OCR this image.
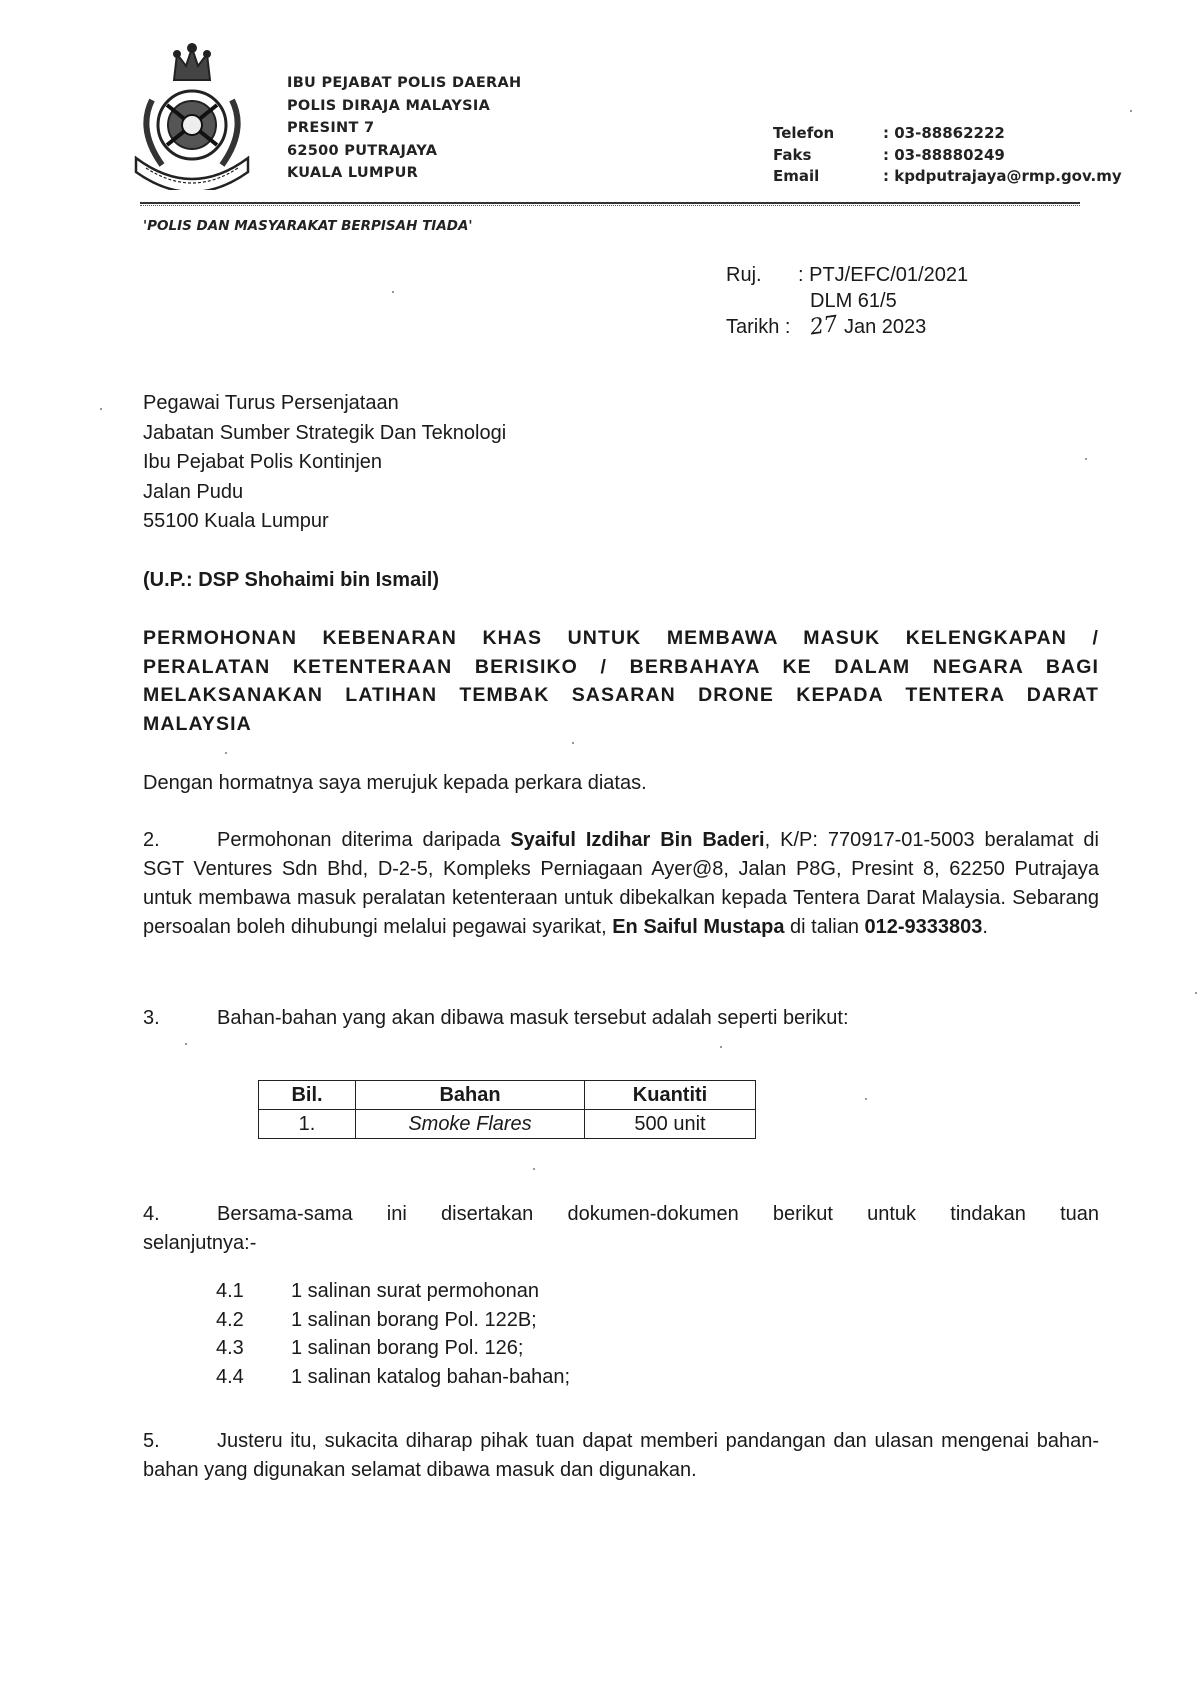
IBU PEJABAT POLIS DAERAH
POLIS DIRAJA MALAYSIA
PRESINT 7
62500 PUTRAJAYA
KUALA LUMPUR
Telefon	: 03-88862222
Faks	: 03-88880249
Email	: kpdputrajaya@rmp.gov.my
'POLIS DAN MASYARAKAT BERPISAH TIADA'
Ruj.	: PTJ/EFC/01/2021
DLM 61/5
Tarikh : 27 Jan 2023
Pegawai Turus Persenjataan
Jabatan Sumber Strategik Dan Teknologi
Ibu Pejabat Polis Kontinjen
Jalan Pudu
55100 Kuala Lumpur
(U.P.: DSP Shohaimi bin Ismail)
PERMOHONAN KEBENARAN KHAS UNTUK MEMBAWA MASUK KELENGKAPAN /
PERALATAN KETENTERAAN BERISIKO / BERBAHAYA KE DALAM NEGARA BAGI
MELAKSANAKAN LATIHAN TEMBAK SASARAN DRONE KEPADA TENTERA DARAT
MALAYSIA
Dengan hormatnya saya merujuk kepada perkara diatas.
2.	Permohonan diterima daripada Syaiful Izdihar Bin Baderi, K/P: 770917-01-5003 beralamat di SGT Ventures Sdn Bhd, D-2-5, Kompleks Perniagaan Ayer@8, Jalan P8G, Presint 8, 62250 Putrajaya untuk membawa masuk peralatan ketenteraan untuk dibekalkan kepada Tentera Darat Malaysia. Sebarang persoalan boleh dihubungi melalui pegawai syarikat, En Saiful Mustapa di talian 012-9333803.
3.	Bahan-bahan yang akan dibawa masuk tersebut adalah seperti berikut:
Bil.	Bahan	Kuantiti
1.	Smoke Flares	500 unit
4.	Bersama-sama ini disertakan dokumen-dokumen berikut untuk tindakan tuan selanjutnya:-
4.1	1 salinan surat permohonan
4.2	1 salinan borang Pol. 122B;
4.3	1 salinan borang Pol. 126;
4.4	1 salinan katalog bahan-bahan;
5.	Justeru itu, sukacita diharap pihak tuan dapat memberi pandangan dan ulasan mengenai bahan-bahan yang digunakan selamat dibawa masuk dan digunakan.
